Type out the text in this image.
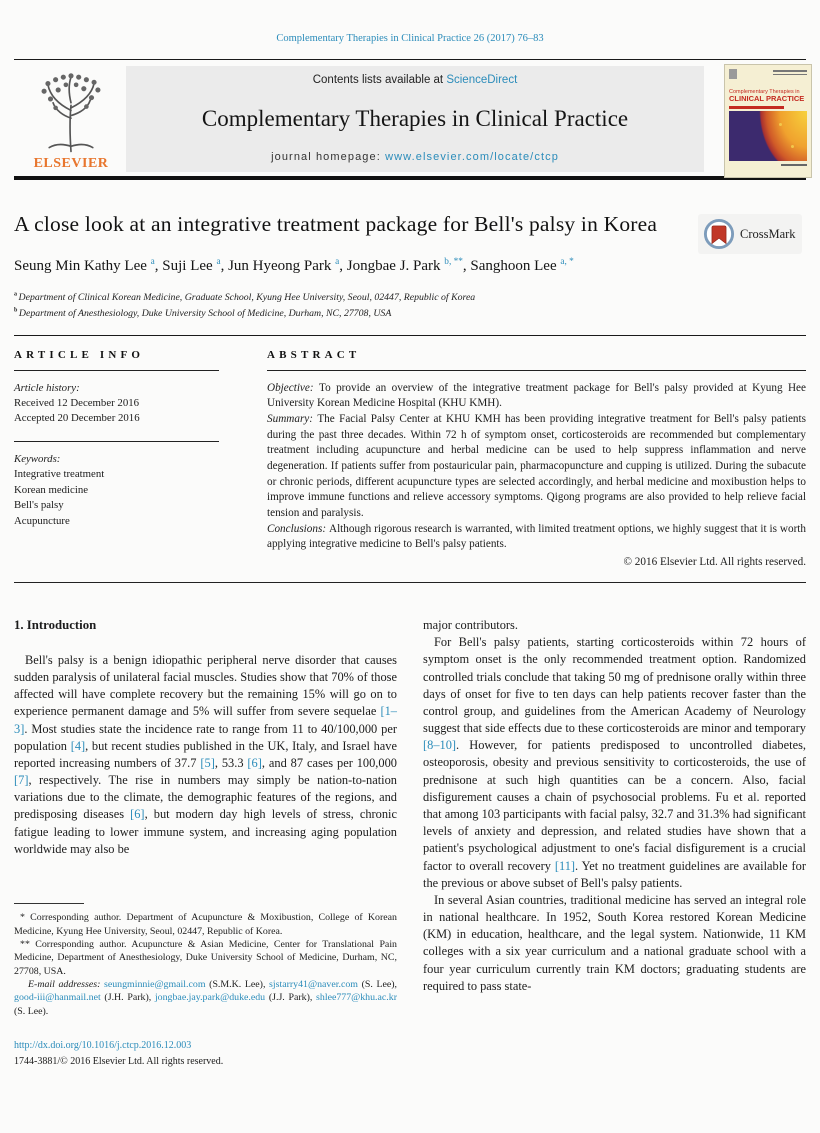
Complementary Therapies in Clinical Practice 26 (2017) 76–83
ELSEVIER
Contents lists available at ScienceDirect
Complementary Therapies in Clinical Practice
journal homepage: www.elsevier.com/locate/ctcp
Complementary Therapies in
CLINICAL PRACTICE
A close look at an integrative treatment package for Bell's palsy in Korea	CrossMark
Seung Min Kathy Lee $^a$, Suji Lee $^a$, Jun Hyeong Park $^a$, Jongbae J. Park $^{b, **}$, Sanghoon Lee $^{a, *}$
$^a$ Department of Clinical Korean Medicine, Graduate School, Kyung Hee University, Seoul, 02447, Republic of Korea
$^b$ Department of Anesthesiology, Duke University School of Medicine, Durham, NC, 27708, USA
ARTICLE INFO
Article history:
Received 12 December 2016
Accepted 20 December 2016
Keywords:
Integrative treatment
Korean medicine
Bell's palsy
Acupuncture
ABSTRACT

Objective: To provide an overview of the integrative treatment package for Bell's palsy provided at Kyung Hee University Korean Medicine Hospital (KHU KMH).

Summary: The Facial Palsy Center at KHU KMH has been providing integrative treatment for Bell's palsy patients during the past three decades. Within 72 h of symptom onset, corticosteroids are recommended but complementary treatment including acupuncture and herbal medicine can be used to help suppress inflammation and nerve degeneration. If patients suffer from postauricular pain, pharmacopuncture and cupping is utilized. During the subacute or chronic periods, different acupuncture types are selected accordingly, and herbal medicine and moxibustion helps to improve immune functions and relieve accessory symptoms. Qigong programs are also provided to help relieve facial tension and paralysis.

Conclusions: Although rigorous research is warranted, with limited treatment options, we highly suggest that it is worth applying integrative medicine to Bell's palsy patients.

© 2016 Elsevier Ltd. All rights reserved.
1. Introduction

Bell's palsy is a benign idiopathic peripheral nerve disorder that causes sudden paralysis of unilateral facial muscles. Studies show that 70% of those affected will have complete recovery but the remaining 15% will go on to experience permanent damage and 5% will suffer from severe sequelae [1–3]. Most studies state the incidence rate to range from 11 to 40/100,000 per population [4], but recent studies published in the UK, Italy, and Israel have reported increasing numbers of 37.7 [5], 53.3 [6], and 87 cases per 100,000 [7], respectively. The rise in numbers may simply be nation-to-nation variations due to the climate, the demographic features of the regions, and predisposing diseases [6], but modern day high levels of stress, chronic fatigue leading to lower immune system, and increasing aging population worldwide may also be

* Corresponding author. Department of Acupuncture & Moxibustion, College of Korean Medicine, Kyung Hee University, Seoul, 02447, Republic of Korea.

** Corresponding author. Acupuncture & Asian Medicine, Center for Translational Pain Medicine, Department of Anesthesiology, Duke University School of Medicine, Durham, NC, 27708, USA.

E-mail addresses: seungminnie@gmail.com (S.M.K. Lee), sjstarry41@naver.com (S. Lee), good-iii@hanmail.net (J.H. Park), jongbae.jay.park@duke.edu (J.J. Park), shlee777@khu.ac.kr (S. Lee).

http://dx.doi.org/10.1016/j.ctcp.2016.12.003
1744-3881/© 2016 Elsevier Ltd. All rights reserved.

major contributors.

For Bell's palsy patients, starting corticosteroids within 72 hours of symptom onset is the only recommended treatment option. Randomized controlled trials conclude that taking 50 mg of prednisone orally within three days of onset for five to ten days can help patients recover faster than the control group, and guidelines from the American Academy of Neurology suggest that side effects due to these corticosteroids are minor and temporary [8–10]. However, for patients predisposed to uncontrolled diabetes, osteoporosis, obesity and previous sensitivity to corticosteroids, the use of prednisone at such high quantities can be a concern. Also, facial disfigurement causes a chain of psychosocial problems. Fu et al. reported that among 103 participants with facial palsy, 32.7 and 31.3% had significant levels of anxiety and depression, and related studies have shown that a patient's psychological adjustment to one's facial disfigurement is a crucial factor to overall recovery [11]. Yet no treatment guidelines are available for the previous or above subset of Bell's palsy patients.

In several Asian countries, traditional medicine has served an integral role in national healthcare. In 1952, South Korea restored Korean Medicine (KM) in education, healthcare, and the legal system. Nationwide, 11 KM colleges with a six year curriculum and a national graduate school with a four year curriculum currently train KM doctors; graduating students are required to pass state-
